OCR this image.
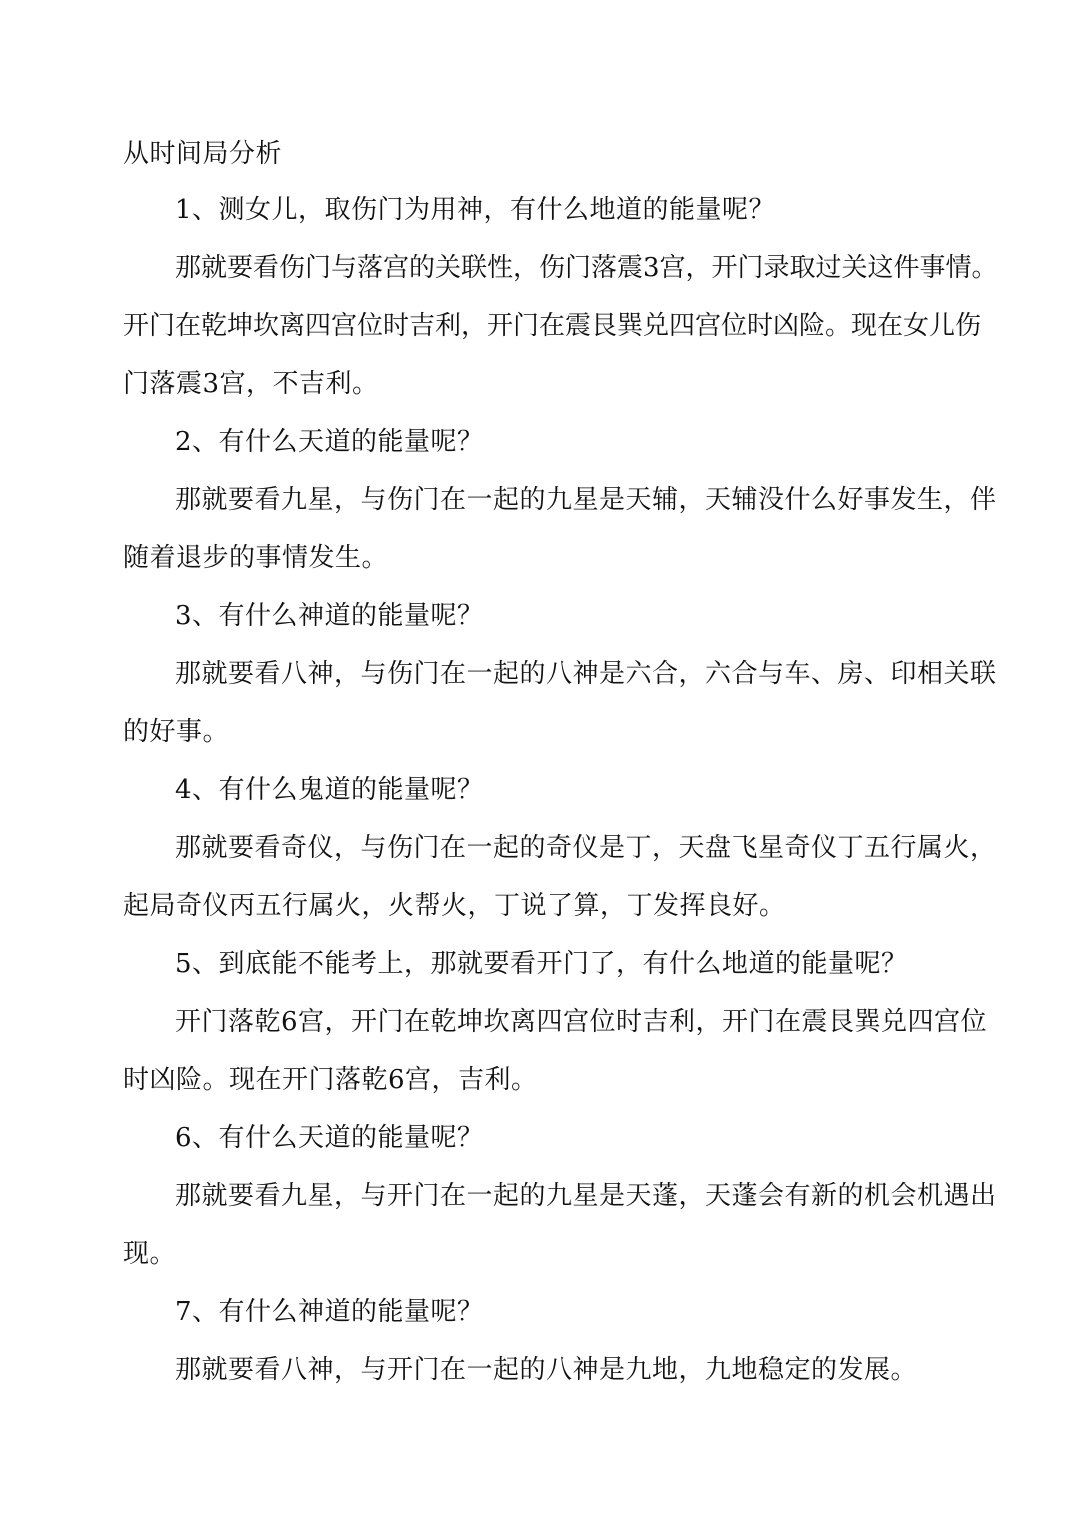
从时间局分析
1、测女儿，取伤门为用神，有什么地道的能量呢？
那就要看伤门与落宫的关联性，伤门落震3宫，开门录取过关这件事情。
开门在乾坤坎离四宫位时吉利，开门在震艮巽兑四宫位时凶险。现在女儿伤
门落震3宫，不吉利。
2、有什么天道的能量呢？
那就要看九星，与伤门在一起的九星是天辅，天辅没什么好事发生，伴
随着退步的事情发生。
3、有什么神道的能量呢？
那就要看八神，与伤门在一起的八神是六合，六合与车、房、印相关联
的好事。
4、有什么鬼道的能量呢？
那就要看奇仪，与伤门在一起的奇仪是丁，天盘飞星奇仪丁五行属火，
起局奇仪丙五行属火，火帮火，丁说了算，丁发挥良好。
5、到底能不能考上，那就要看开门了，有什么地道的能量呢？
开门落乾6宫，开门在乾坤坎离四宫位时吉利，开门在震艮巽兑四宫位
时凶险。现在开门落乾6宫，吉利。
6、有什么天道的能量呢？
那就要看九星，与开门在一起的九星是天蓬，天蓬会有新的机会机遇出
现。
7、有什么神道的能量呢？
那就要看八神，与开门在一起的八神是九地，九地稳定的发展。
